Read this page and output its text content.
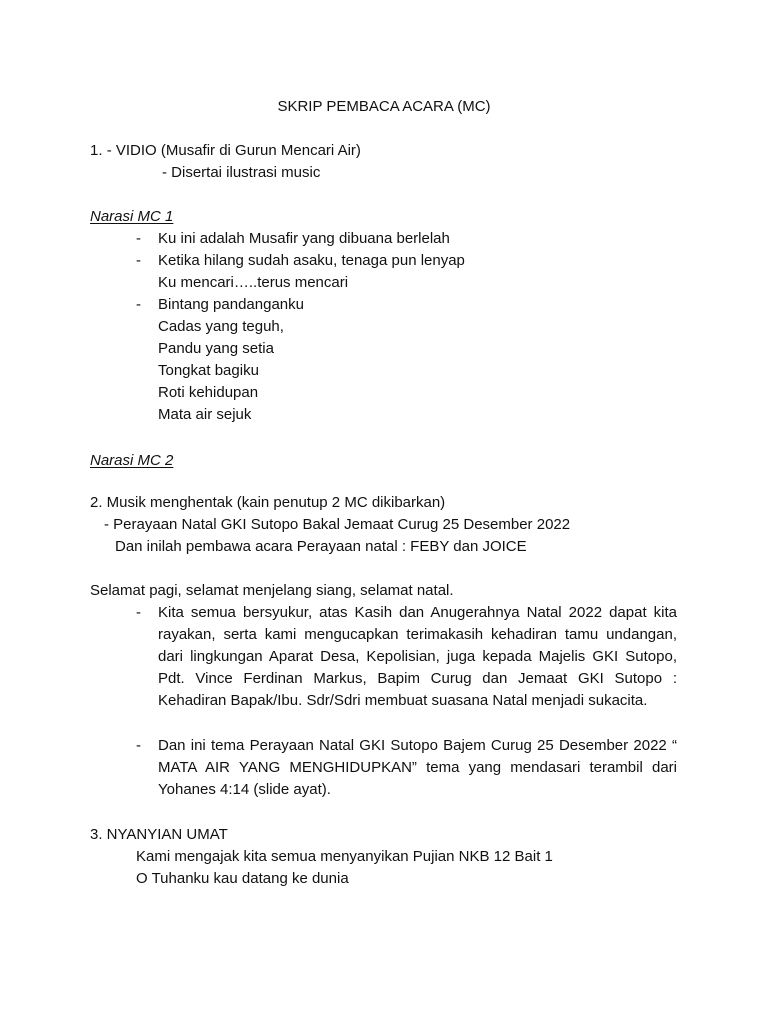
SKRIP PEMBACA ACARA (MC)
1. - VIDIO (Musafir di Gurun Mencari Air)
- Disertai ilustrasi music
Narasi MC 1
- Ku ini adalah Musafir yang dibuana berlelah
- Ketika hilang sudah asaku, tenaga pun lenyap
Ku mencari…..terus mencari
- Bintang pandanganku
Cadas yang teguh,
Pandu yang setia
Tongkat bagiku
Roti kehidupan
Mata air sejuk
Narasi MC 2
2. Musik menghentak (kain penutup 2 MC dikibarkan)
- Perayaan Natal GKI Sutopo Bakal Jemaat Curug 25 Desember 2022
Dan inilah pembawa acara Perayaan natal : FEBY dan JOICE
Selamat pagi, selamat menjelang siang, selamat natal.
- Kita semua bersyukur, atas Kasih dan Anugerahnya Natal 2022 dapat kita rayakan, serta kami mengucapkan terimakasih kehadiran tamu undangan, dari lingkungan Aparat Desa, Kepolisian, juga kepada Majelis GKI Sutopo, Pdt. Vince Ferdinan Markus, Bapim Curug dan Jemaat GKI Sutopo : Kehadiran Bapak/Ibu. Sdr/Sdri membuat suasana Natal menjadi sukacita.
- Dan ini tema Perayaan Natal GKI Sutopo Bajem Curug 25 Desember 2022 “ MATA AIR YANG MENGHIDUPKAN” tema yang mendasari terambil dari Yohanes 4:14 (slide ayat).
3. NYANYIAN UMAT
Kami mengajak kita semua menyanyikan Pujian NKB 12 Bait 1
O Tuhanku kau datang ke dunia
